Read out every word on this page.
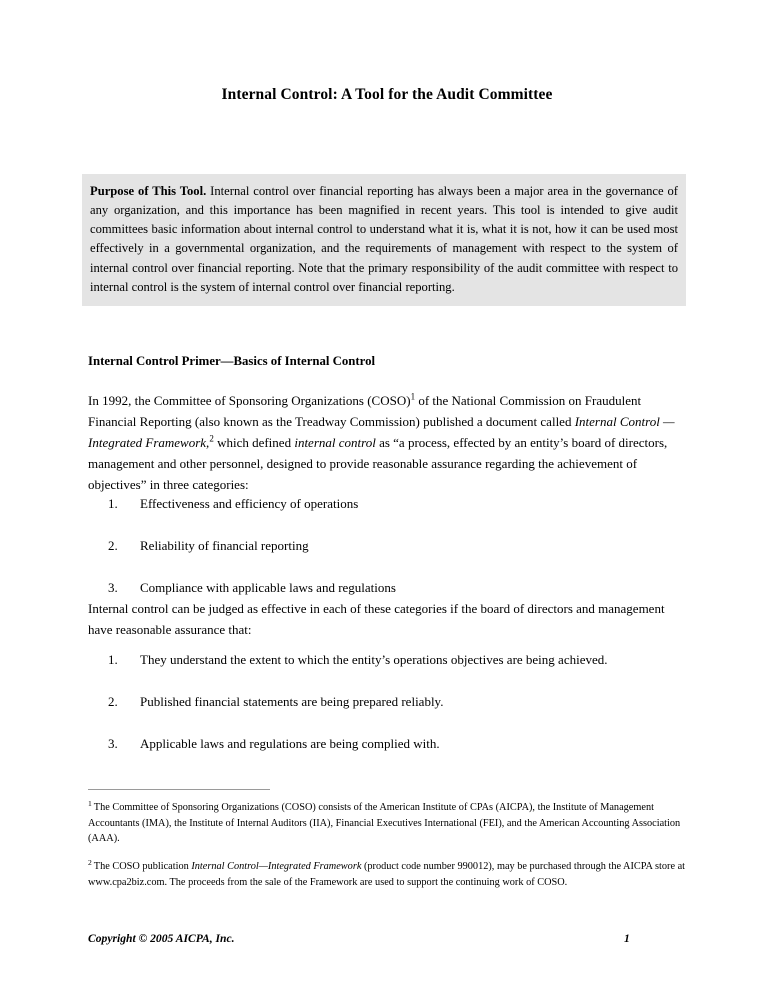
Internal Control: A Tool for the Audit Committee
Purpose of This Tool. Internal control over financial reporting has always been a major area in the governance of any organization, and this importance has been magnified in recent years. This tool is intended to give audit committees basic information about internal control to understand what it is, what it is not, how it can be used most effectively in a governmental organization, and the requirements of management with respect to the system of internal control over financial reporting. Note that the primary responsibility of the audit committee with respect to internal control is the system of internal control over financial reporting.
Internal Control Primer—Basics of Internal Control
In 1992, the Committee of Sponsoring Organizations (COSO)$^1$ of the National Commission on Fraudulent Financial Reporting (also known as the Treadway Commission) published a document called Internal Control — Integrated Framework,$^2$ which defined internal control as “a process, effected by an entity’s board of directors, management and other personnel, designed to provide reasonable assurance regarding the achievement of objectives” in three categories:
1.	Effectiveness and efficiency of operations
2.	Reliability of financial reporting
3.	Compliance with applicable laws and regulations
Internal control can be judged as effective in each of these categories if the board of directors and management have reasonable assurance that:
1.	They understand the extent to which the entity’s operations objectives are being achieved.
2.	Published financial statements are being prepared reliably.
3.	Applicable laws and regulations are being complied with.
$^1$ The Committee of Sponsoring Organizations (COSO) consists of the American Institute of CPAs (AICPA), the Institute of Management Accountants (IMA), the Institute of Internal Auditors (IIA), Financial Executives International (FEI), and the American Accounting Association (AAA).
$^2$ The COSO publication Internal Control—Integrated Framework (product code number 990012), may be purchased through the AICPA store at www.cpa2biz.com. The proceeds from the sale of the Framework are used to support the continuing work of COSO.
Copyright © 2005 AICPA, Inc.	1
